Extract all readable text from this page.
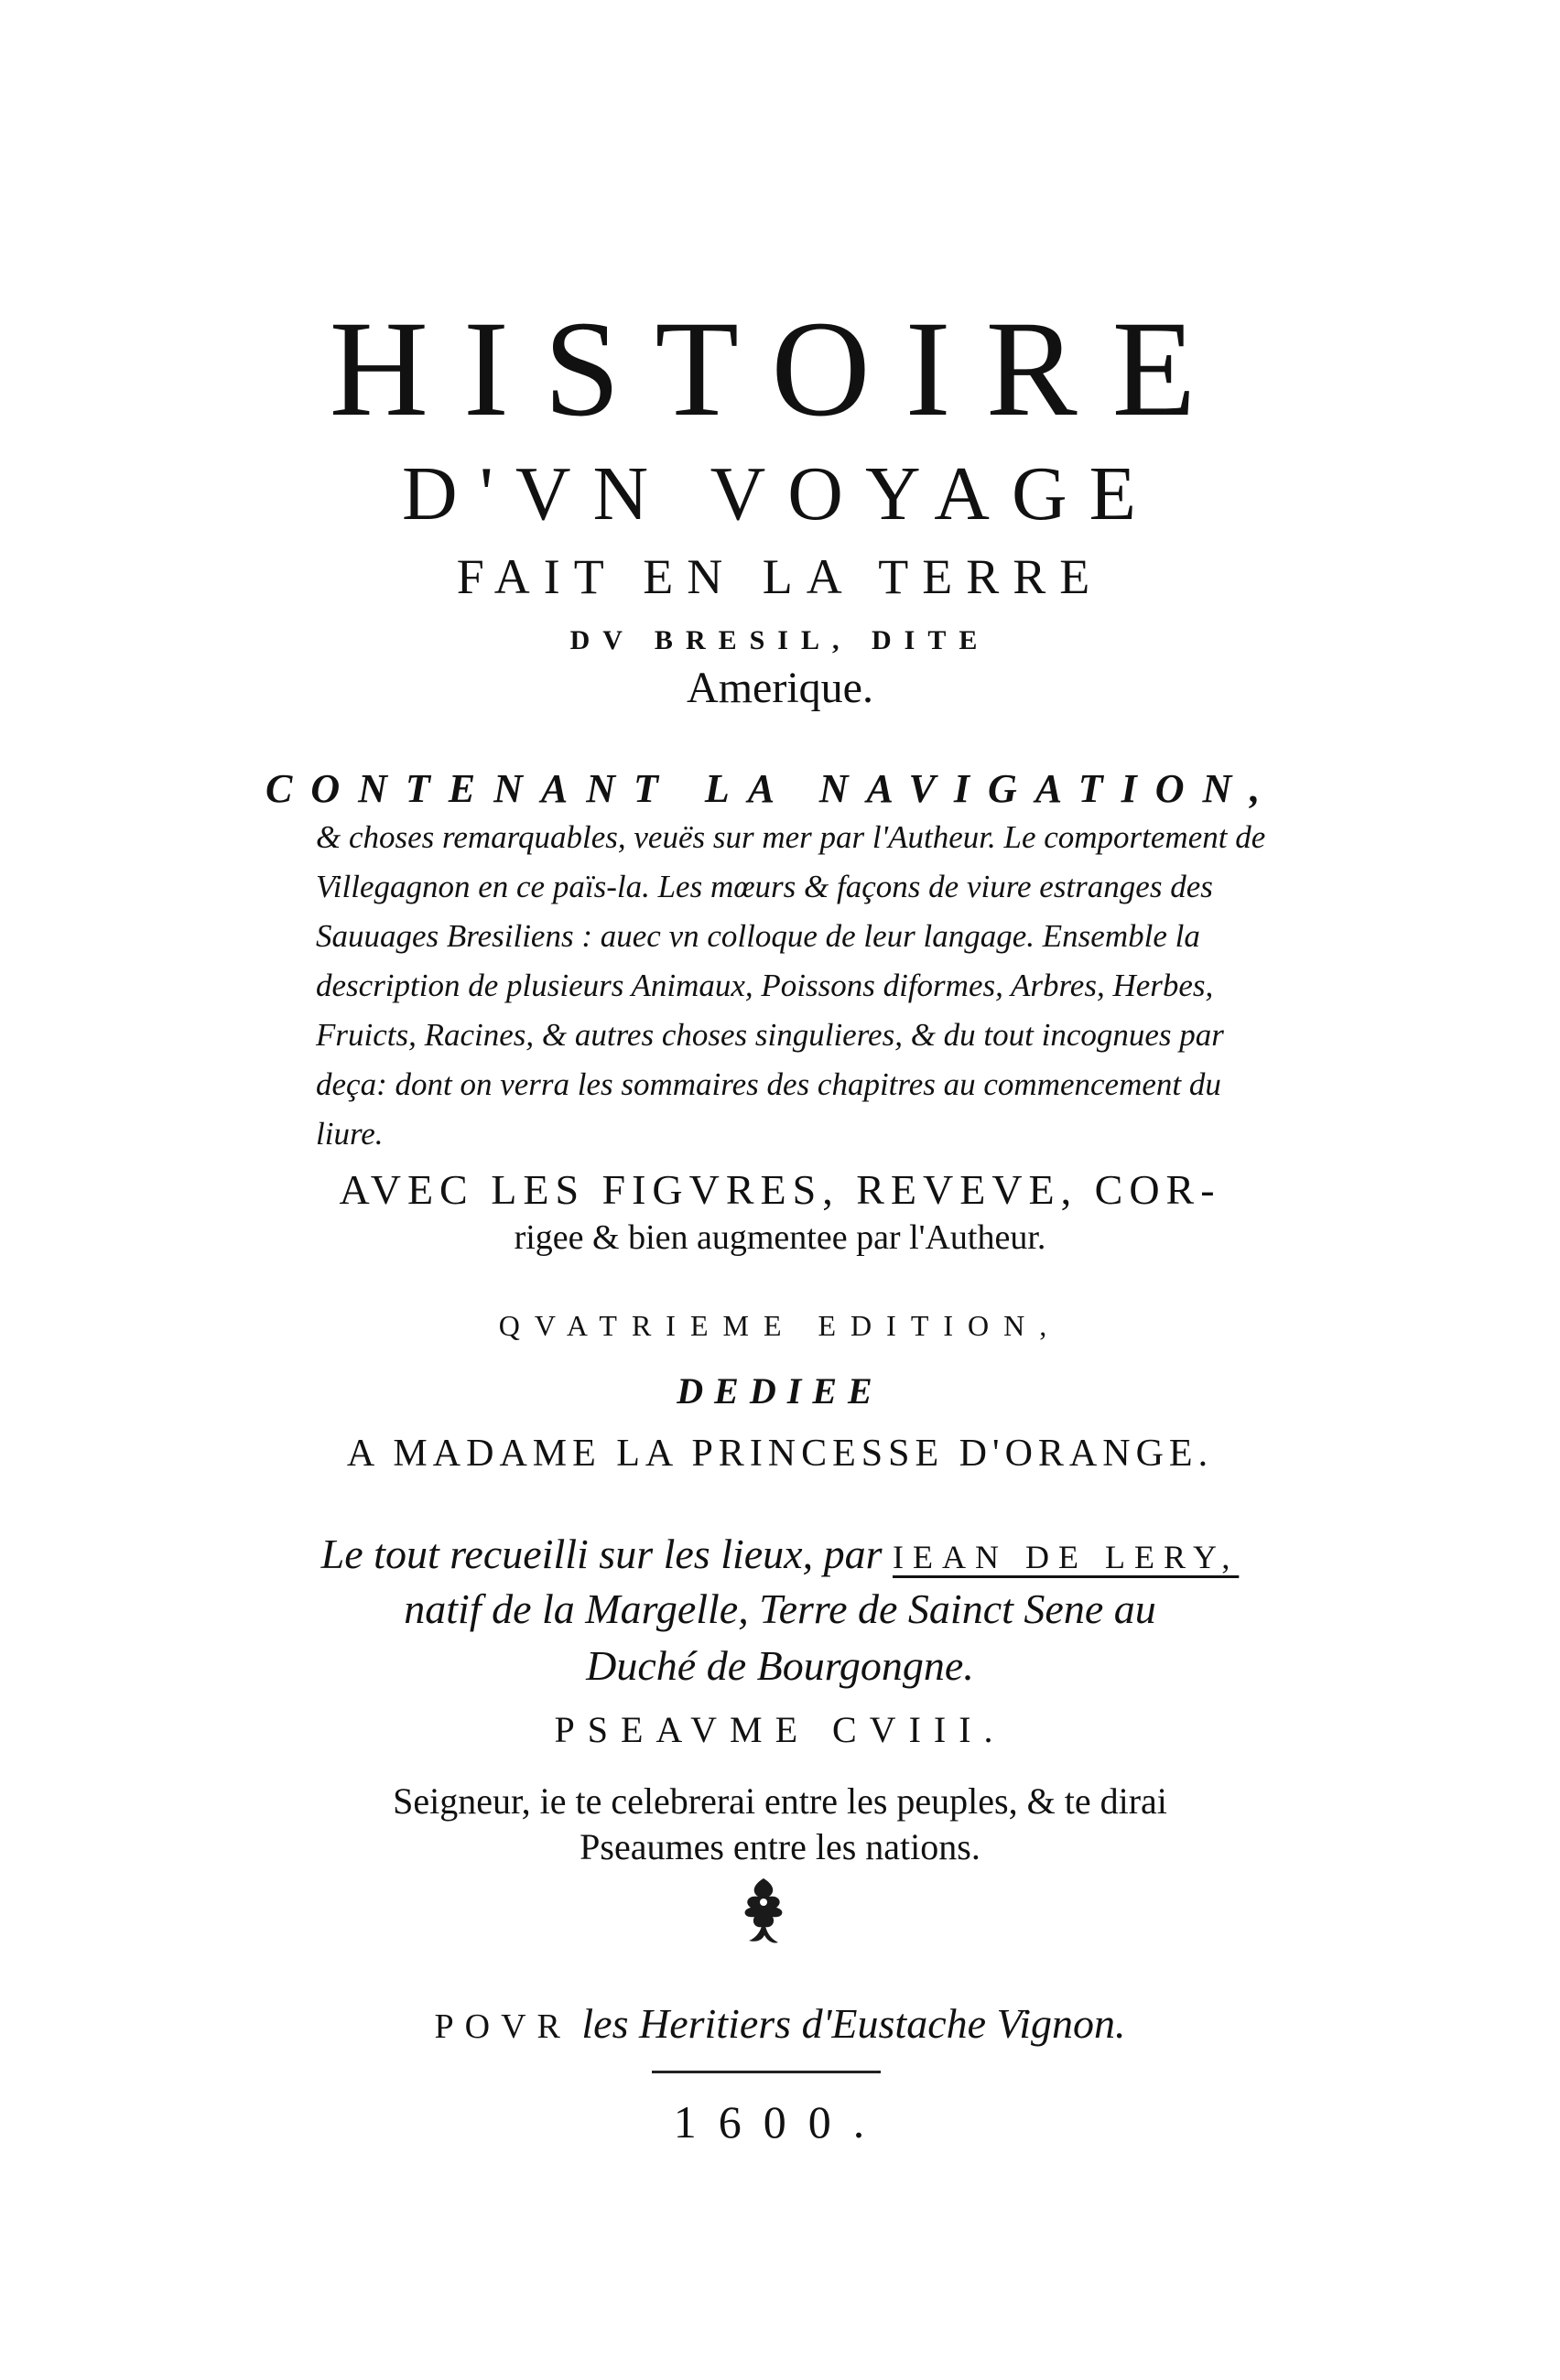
HISTOIRE
D'VN VOYAGE
FAIT EN LA TERRE
DV BRESIL, DITE
Amerique.
CONTENANT LA NAVIGATION,
& choses remarquables, veuës sur mer par l'Autheur. Le comportement de Villegagnon en ce païs-la. Les mœurs & façons de viure estranges des Sauuages Bresiliens : auec vn colloque de leur langage. Ensemble la description de plusieurs Animaux, Poissons diformes, Arbres, Herbes, Fruicts, Racines, & autres choses singulieres, & du tout incognues par deça: dont on verra les sommaires des chapitres au commencement du liure.
AVEC LES FIGVRES, REVEVE, COR-
rigee & bien augmentee par l'Autheur.
QVATRIEME EDITION,
DEDIEE
A MADAME LA PRINCESSE D'ORANGE.
Le tout recueilli sur les lieux, par IEAN DE LERY,
natif de la Margelle, Terre de Sainct Sene au
Duché de Bourgongne.
PSEAVME CVIII.
Seigneur, ie te celebrerai entre les peuples, & te dirai
Pseaumes entre les nations.
POVR les Heritiers d'Eustache Vignon.
1600.
